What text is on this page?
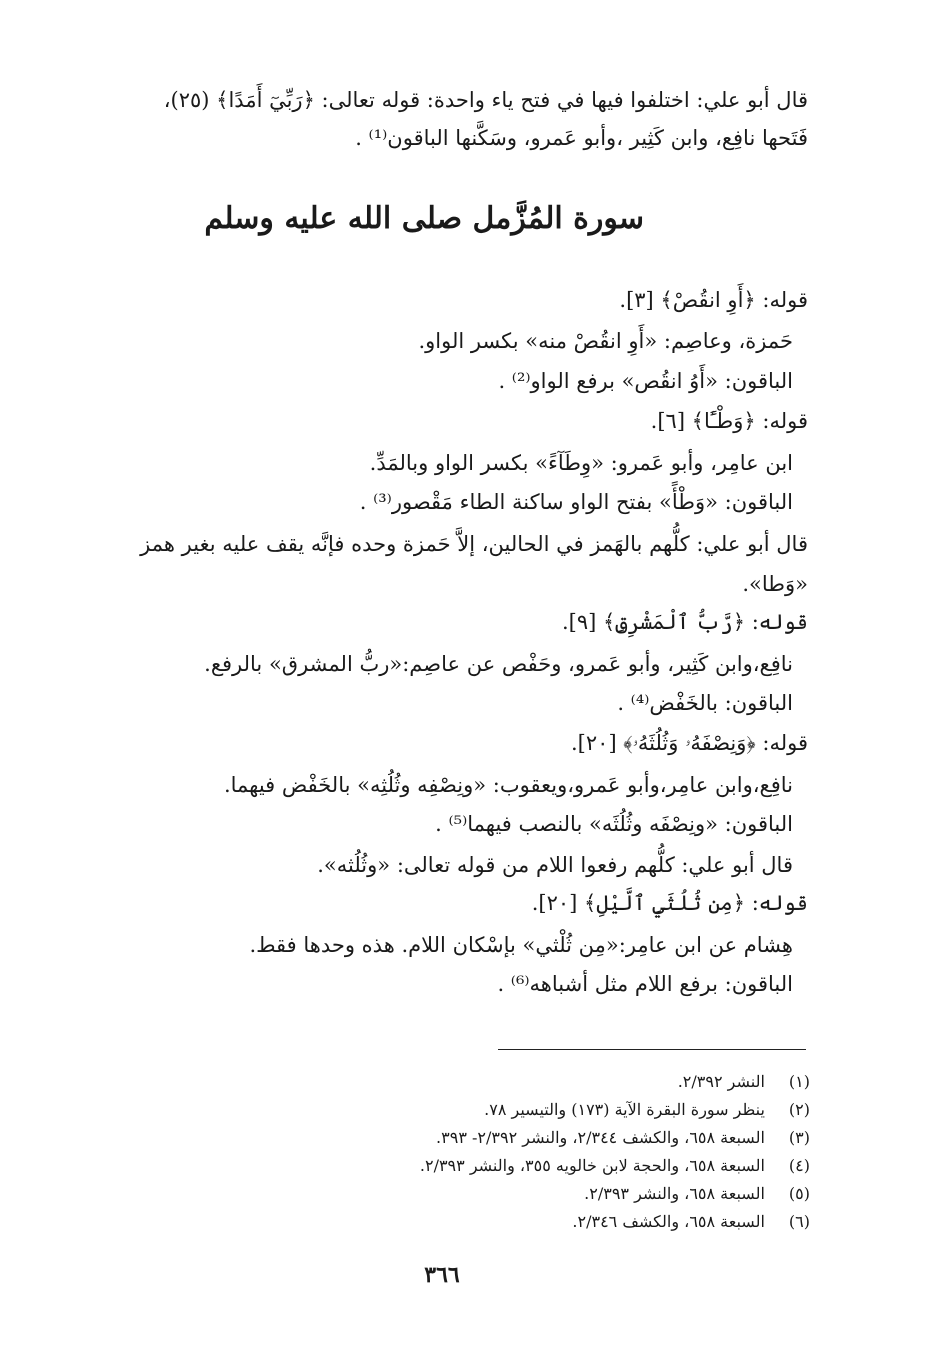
قال أبو علي: اختلفوا فيها في فتح ياء واحدة: قوله تعالى: ﴿رَبِّيٓ أَمَدًا﴾ (٢٥)،
فَتَحها نافِع، وابن كَثِير ،وأبو عَمرو، وسَكَّنها الباقون⁽¹⁾ .
سورة المُزَّمل صلى الله عليه وسلم
قوله: ﴿أَوِ انقُصْ﴾ [٣].
حَمزة، وعاصِم: «أَوِ انقُصْ منه» بكسر الواو.
الباقون: «أَوُ انقُص» برفع الواو⁽²⁾ .
قوله: ﴿وَطْـًٔا﴾ [٦].
ابن عامِر، وأبو عَمرو: «وِطَآءً» بكسر الواو وبالمَدِّ.
الباقون: «وَطْأً» بفتح الواو ساكنة الطاء مَقْصور⁽³⁾ .
قال أبو علي: كلُّهم بالهَمز في الحالين، إلاَّ حَمزة وحده فإنَّه يقف عليه بغير همز
«وَطا».
قوله: ﴿رَّبُّ ٱلْمَشْرِقِ﴾ [٩].
نافِع،وابن كَثِير، وأبو عَمرو، وحَفْص عن عاصِم:«ربُّ المشرق» بالرفع.
الباقون: بالخَفْض⁽⁴⁾ .
قوله: ﴿وَنِصْفَهُۥ وَثُلُثَهُۥ﴾ [٢٠].
نافِع،وابن عامِر،وأبو عَمرو،ويعقوب: «ونِصْفِه وثُلُثِه» بالخَفْض فيهما.
الباقون: «ونِصْفَه وثُلُثَه» بالنصب فيهما⁽⁵⁾ .
قال أبو علي: كلُّهم رفعوا اللام من قوله تعالى: «وثُلُثه».
قوله: ﴿مِن ثُلُثَيِ ٱلَّيْلِ﴾ [٢٠].
هِشام عن ابن عامِر:«مِن ثُلْثي» بإسْكان اللام. هذه وحدها فقط.
الباقون: برفع اللام مثل أشباهه⁽⁶⁾ .
(١) النشر ٢/٣٩٢.
(٢) ينظر سورة البقرة الآية (١٧٣) والتيسير ٧٨.
(٣) السبعة ٦٥٨، والكشف ٢/٣٤٤، والنشر ٢/٣٩٢- ٣٩٣.
(٤) السبعة ٦٥٨، والحجة لابن خالويه ٣٥٥، والنشر ٢/٣٩٣.
(٥) السبعة ٦٥٨، والنشر ٢/٣٩٣.
(٦) السبعة ٦٥٨، والكشف ٢/٣٤٦.
٣٦٦
